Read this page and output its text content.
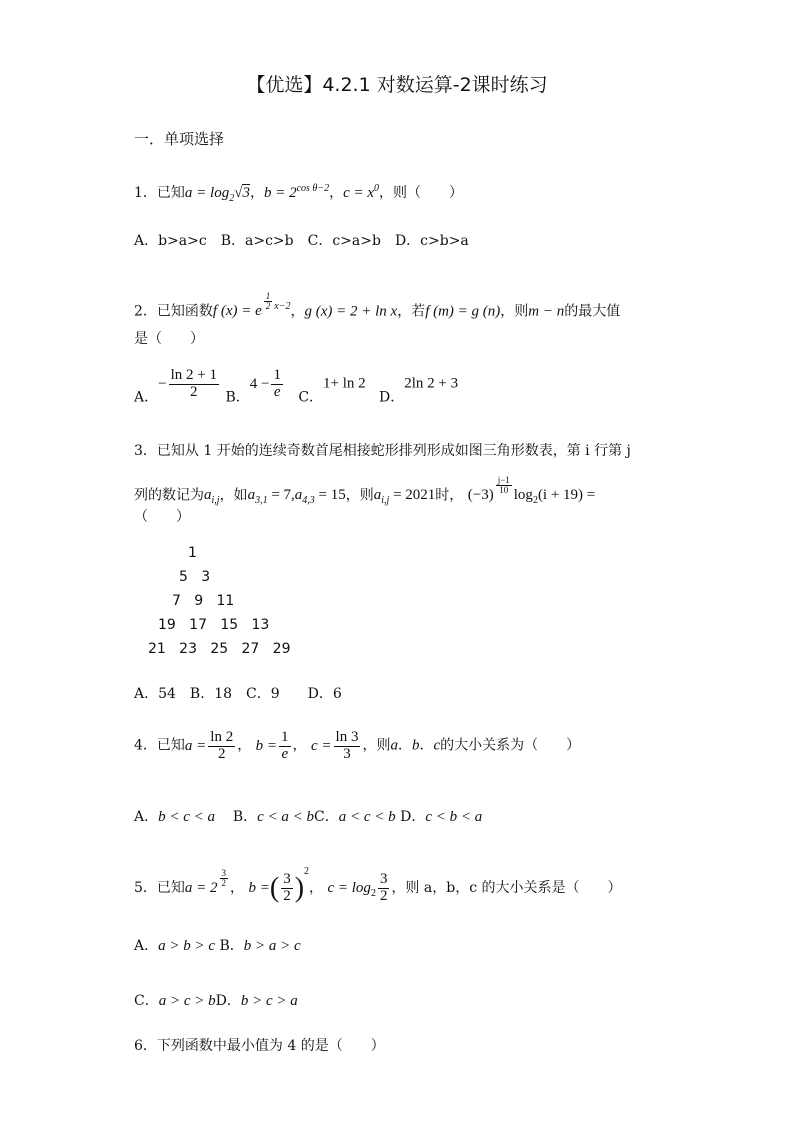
【优选】4.2.1 对数运算-2课时练习
一．单项选择
1．已知$a = \log_2√3$，$b = 2^{cos \theta-2}$，$c = x^0$，则（　　）
A．b>a>c　B．a>c>b　C．c>a>b　D．c>b>a
2．已知函数f (x) = e $^{\frac{1}{2} x-2}$，g (x) = 2 + ln x，若f (m) = g (n)，则m − n的最大值
是（　　）
A．− $\frac{\ln 2 + 1}{2}$ B．$4 - \frac{1}{e}$ C．1+ ln 2   D．2ln 2 + 3
3．已知从 1 开始的连续奇数首尾相接蛇形排列形成如图三角形数表，第 i 行第 j
列的数记为$a_{i,j}$，如$a_{3,1} = 7,a_{4,3} = 15$，则$a_{i,j} = 2021$时， (−3) $^{\frac{j-1}{10}}$ $\log_2(i + 19)$ =
（　　）
1
5   3
7   9   11
19   17   15   13
21   23   25   27   29
A．54　B．18　C．9　　D．6
4．已知$a = \frac{\ln 2}{2}$ ， $b = \frac{1}{e}$ ， $c = \frac{\ln 3}{3}$ ，则a．b．c的大小关系为（　　）
A．b < c < a B．c < a < bC．a < c < b D．c < b < a
5．已知a = 2 $^{\frac{3}{2}}$ ， b =( $\frac{3}{2} )^2$， $c = \log_2 \frac{3}{2}$ ，则 a，b，c 的大小关系是（　　）
A．a > b > c B．b > a > c
C．a > c > bD．b > c > a
6．下列函数中最小值为 4 的是（　　）
